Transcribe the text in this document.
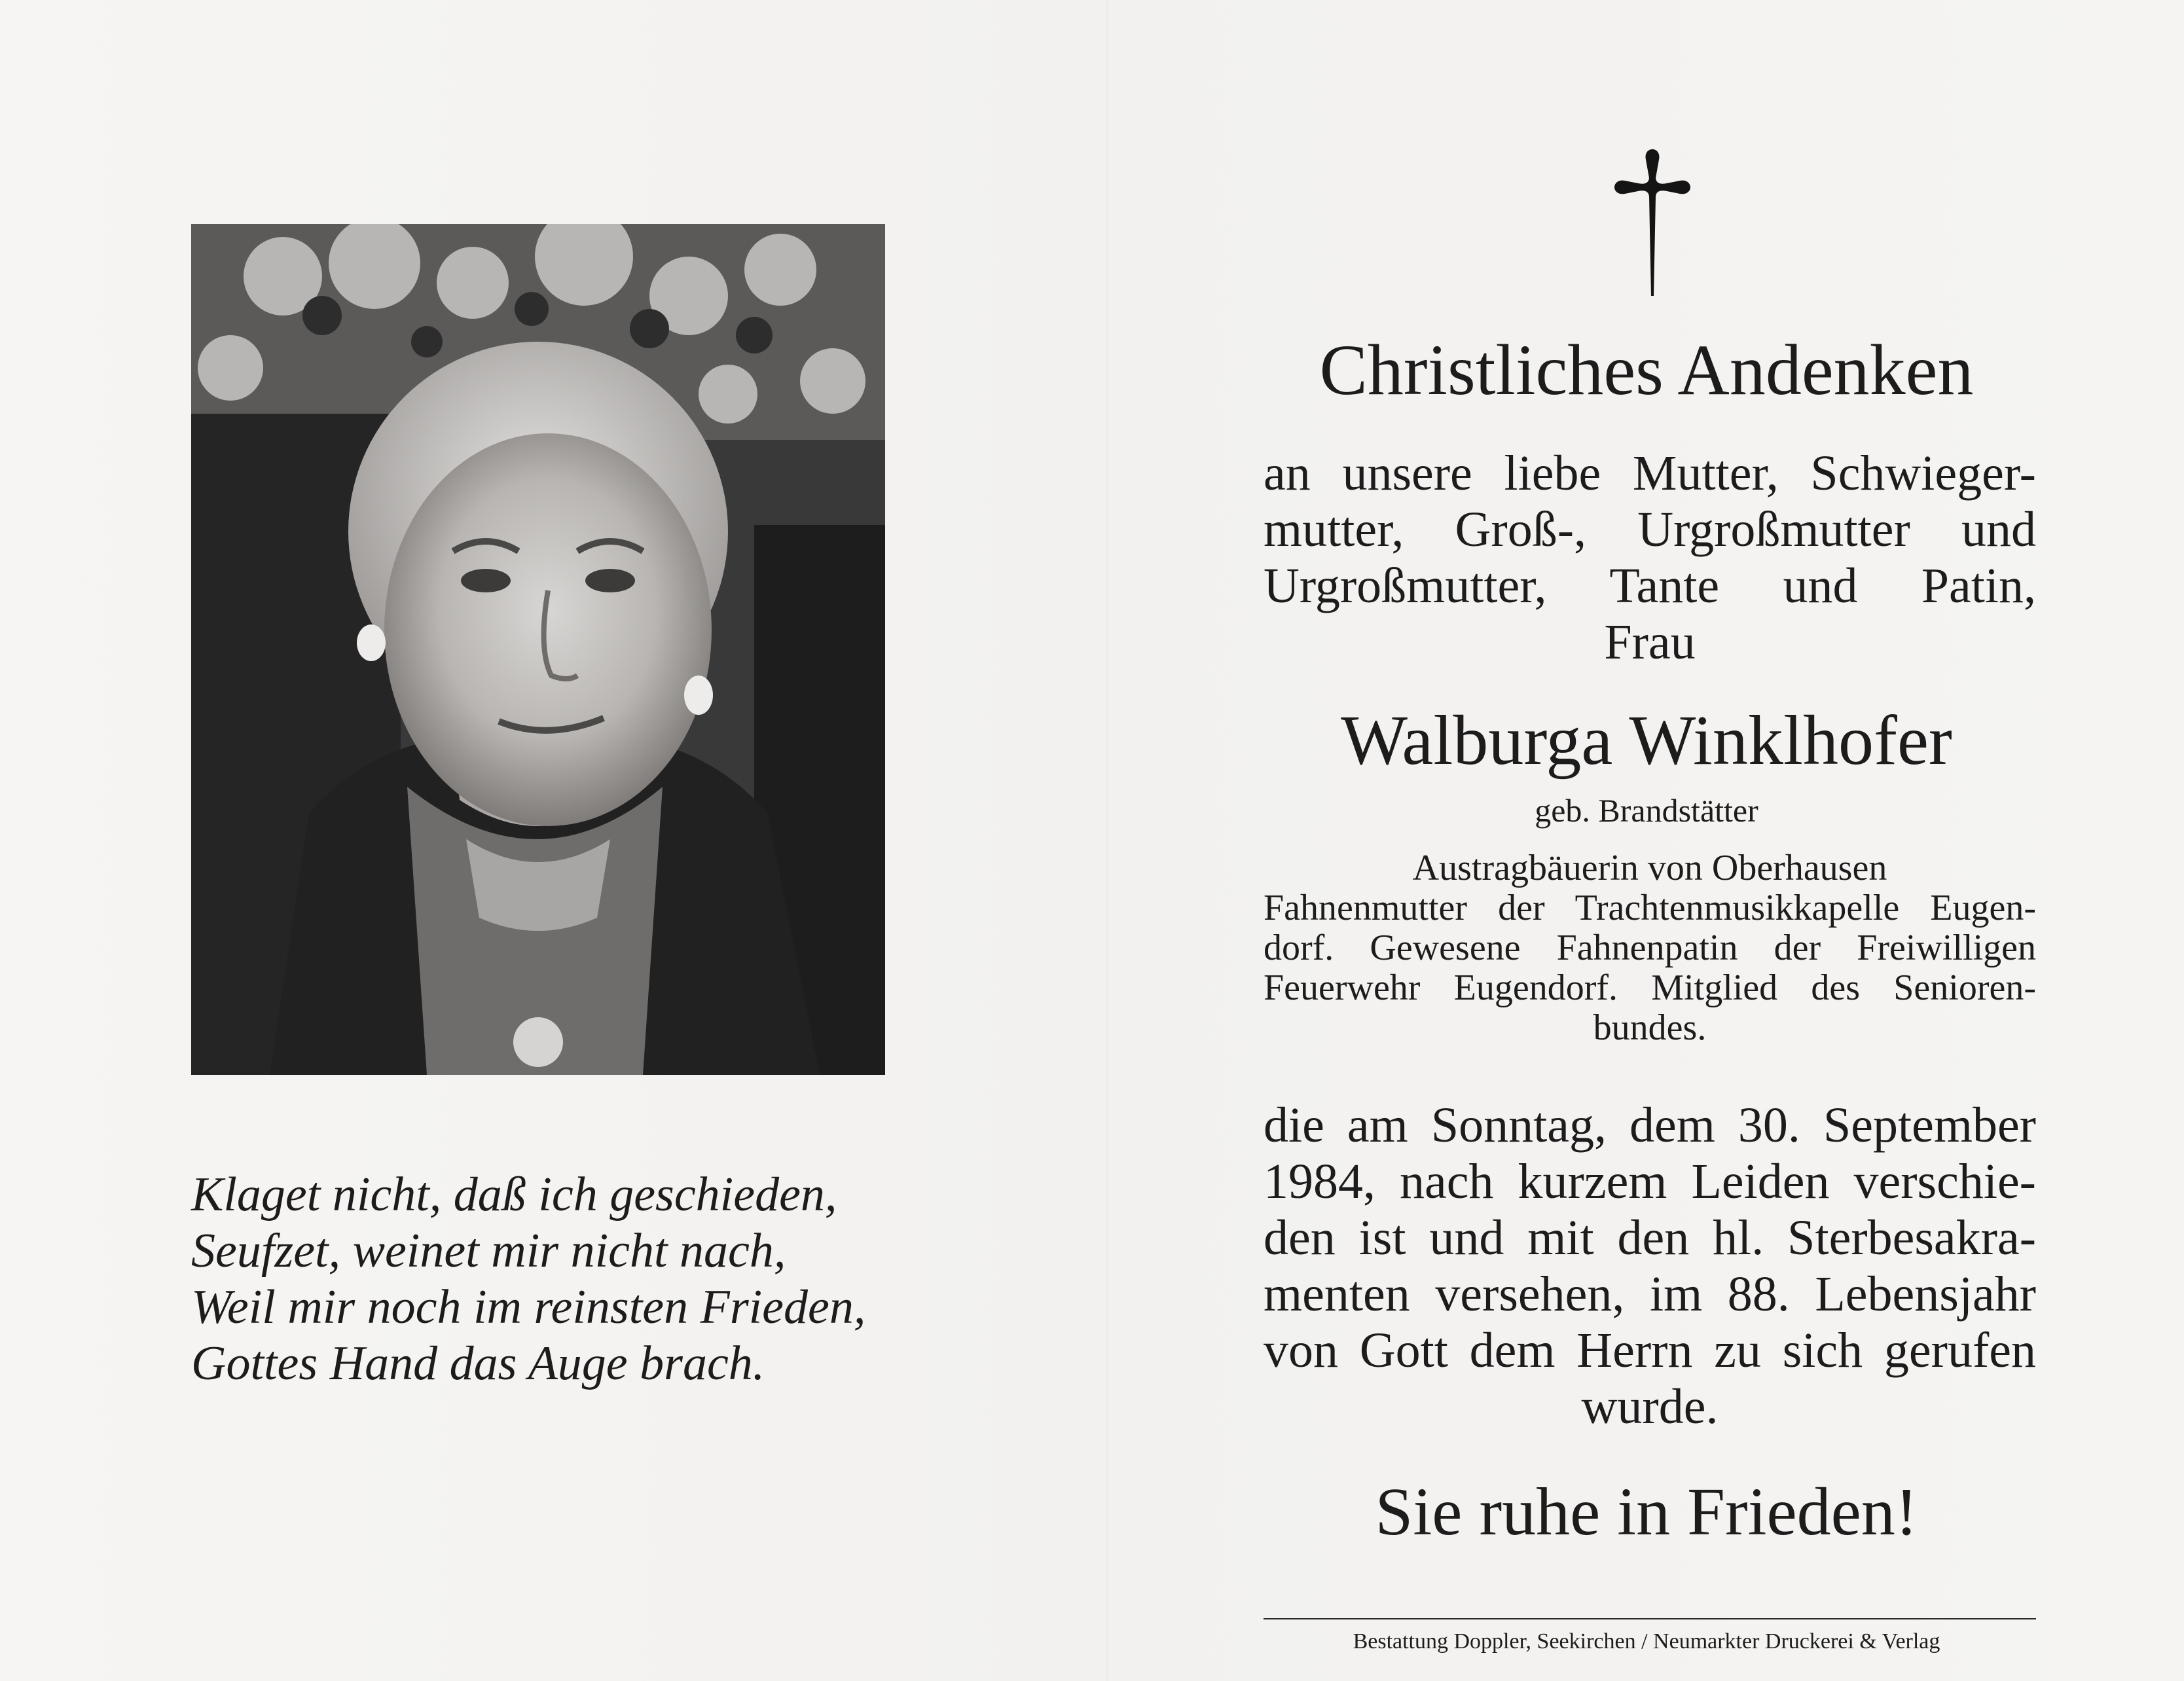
Klaget nicht, daß ich geschieden,
Seufzet, weinet mir nicht nach,
Weil mir noch im reinsten Frieden,
Gottes Hand das Auge brach.
Christliches Andenken
an unsere liebe Mutter, Schwieger-
mutter, Groß-, Urgroßmutter und
Urgroßmutter, Tante und Patin,
Frau
Walburga Winklhofer
geb. Brandstätter
Austragbäuerin von Oberhausen
Fahnenmutter der Trachtenmusikkapelle Eugen-
dorf. Gewesene Fahnenpatin der Freiwilligen
Feuerwehr Eugendorf. Mitglied des Senioren-
bundes.
die am Sonntag, dem 30. September
1984, nach kurzem Leiden verschie-
den ist und mit den hl. Sterbesakra-
menten versehen, im 88. Lebensjahr
von Gott dem Herrn zu sich gerufen
wurde.
Sie ruhe in Frieden!
Bestattung Doppler, Seekirchen / Neumarkter Druckerei & Verlag
